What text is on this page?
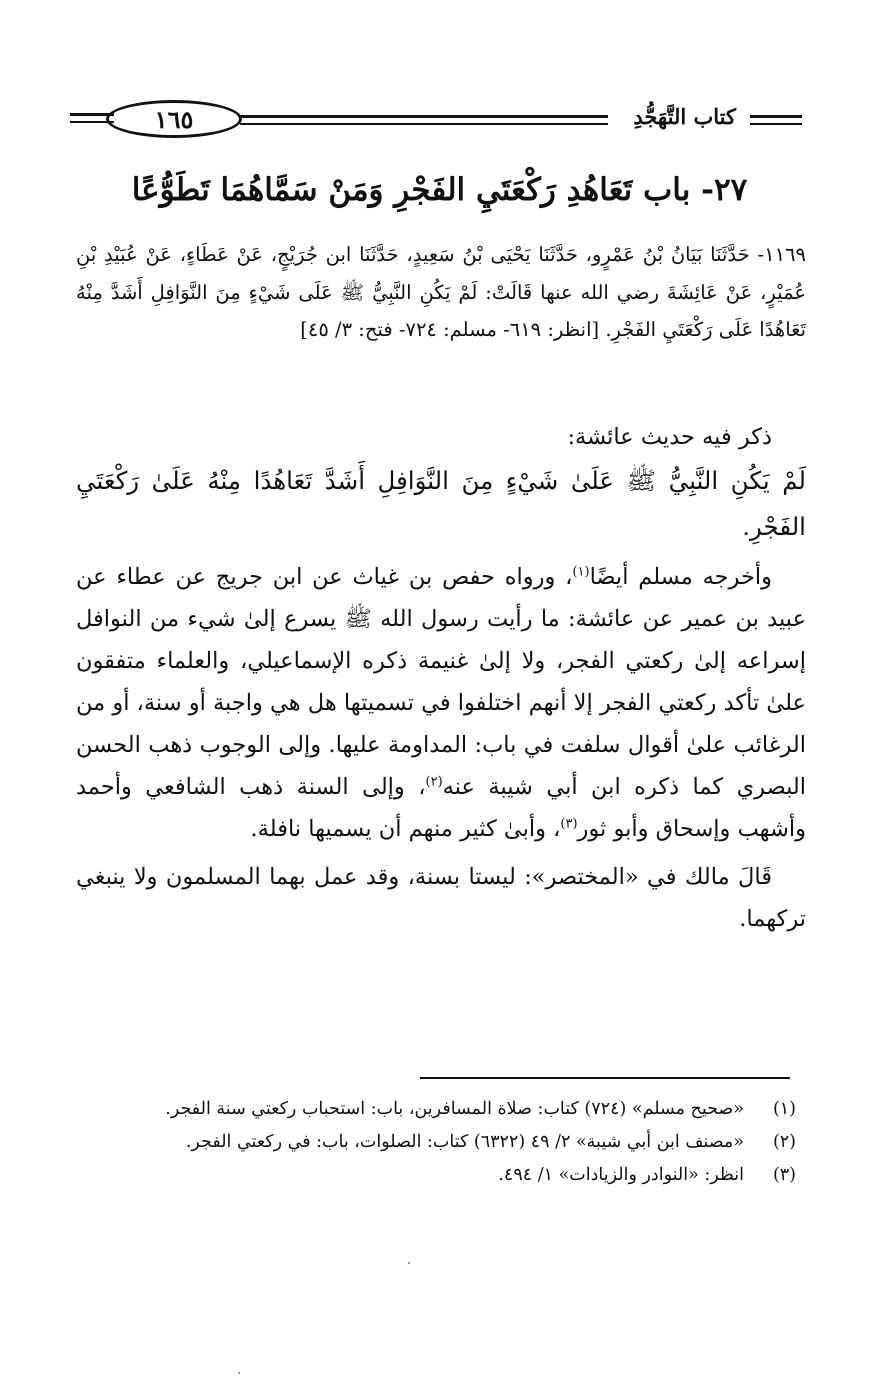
١٦٥	كتاب التَّهَجُّدِ
٢٧- باب تَعَاهُدِ رَكْعَتَيِ الفَجْرِ وَمَنْ سَمَّاهُمَا تَطَوُّعًا
١١٦٩- حَدَّثَنَا بَيَانُ بْنُ عَمْرٍو، حَدَّثَنَا يَحْيَى بْنُ سَعِيدٍ، حَدَّثَنَا ابن جُرَيْجٍ، عَنْ عَطَاءٍ، عَنْ عُبَيْدِ بْنِ عُمَيْرٍ، عَنْ عَائِشَةَ رضي الله عنها قَالَتْ: لَمْ يَكُنِ النَّبِيُّ ﷺ عَلَى شَيْءٍ مِنَ النَّوَافِلِ أَشَدَّ مِنْهُ تَعَاهُدًا عَلَى رَكْعَتَيِ الفَجْرِ. [انظر: ٦١٩- مسلم: ٧٢٤- فتح: ٣/ ٤٥]

ذكر فيه حديث عائشة:

لَمْ يَكُنِ النَّبِيُّ ﷺ عَلَىٰ شَيْءٍ مِنَ النَّوَافِلِ أَشَدَّ تَعَاهُدًا مِنْهُ عَلَىٰ رَكْعَتَيِ الفَجْرِ.

وأخرجه مسلم أيضًا$^{(١)}$، ورواه حفص بن غياث عن ابن جريج عن عطاء عن عبيد بن عمير عن عائشة: ما رأيت رسول الله ﷺ يسرع إلىٰ شيء من النوافل إسراعه إلىٰ ركعتي الفجر، ولا إلىٰ غنيمة ذكره الإسماعيلي، والعلماء متفقون علىٰ تأكد ركعتي الفجر إلا أنهم اختلفوا في تسميتها هل هي واجبة أو سنة، أو من الرغائب علىٰ أقوال سلفت في باب: المداومة عليها. وإلى الوجوب ذهب الحسن البصري كما ذكره ابن أبي شيبة عنه$^{(٢)}$، وإلى السنة ذهب الشافعي وأحمد وأشهب وإسحاق وأبو ثور$^{(٣)}$، وأبىٰ كثير منهم أن يسميها نافلة.

قَالَ مالك في «المختصر»: ليستا بسنة، وقد عمل بهما المسلمون ولا ينبغي تركهما.

(١)
«صحيح مسلم» (٧٢٤) كتاب: صلاة المسافرين، باب: استحباب ركعتي سنة الفجر.
(٢)
«مصنف ابن أبي شيبة» ٢/ ٤٩ (٦٣٢٢) كتاب: الصلوات، باب: في ركعتي الفجر.
(٣)
انظر: «النوادر والزيادات» ١/ ٤٩٤.
